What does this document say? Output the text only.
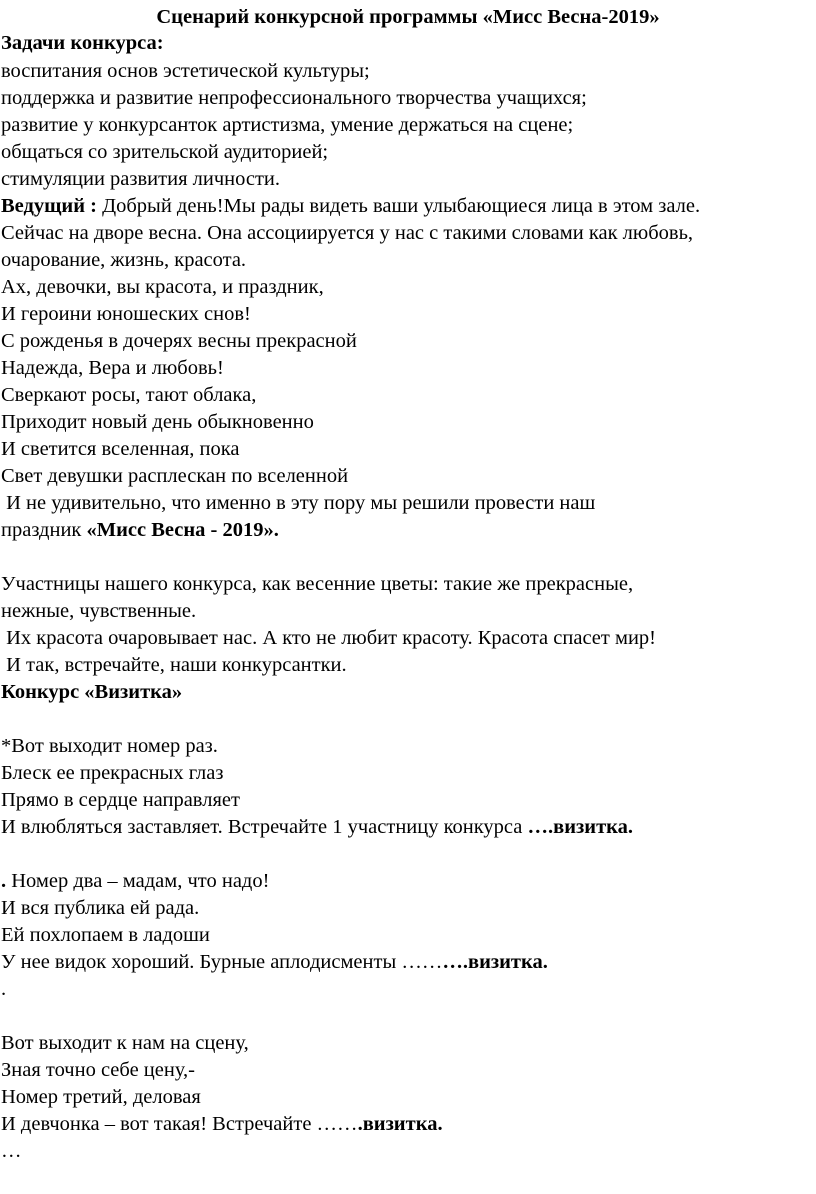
Сценарий конкурсной программы «Мисс Весна-2019»
Задачи конкурса:
воспитания основ эстетической культуры;
поддержка и развитие непрофессионального творчества учащихся;
развитие у конкурсанток артистизма, умение держаться на сцене;
общаться со зрительской аудиторией;
стимуляции развития личности.
Ведущий : Добрый день!Мы рады видеть ваши улыбающиеся лица в этом зале.
Сейчас на дворе весна. Она ассоциируется у нас с такими словами как любовь,
очарование, жизнь, красота.
Ах, девочки, вы красота, и праздник,
И героини юношеских снов!
С рожденья в дочерях весны прекрасной
Надежда, Вера и любовь!
Сверкают росы, тают облака,
Приходит новый день обыкновенно
И светится вселенная, пока
Свет девушки расплескан по вселенной
И не удивительно, что именно в эту пору мы решили провести наш
праздник «Мисс Весна - 2019».
Участницы нашего конкурса, как весенние цветы: такие же прекрасные,
нежные, чувственные.
Их красота очаровывает нас. А кто не любит красоту. Красота спасет мир!
И так, встречайте, наши конкурсантки.
Конкурс «Визитка»
*Вот выходит номер раз.
Блеск ее прекрасных глаз
Прямо в сердце направляет
И влюбляться заставляет. Встречайте 1 участницу конкурса ….визитка.
. Номер два – мадам, что надо!
И вся публика ей рада.
Ей похлопаем в ладоши
У нее видок хороший. Бурные аплодисменты ……….визитка.
.
Вот выходит к нам на сцену,
Зная точно себе цену,-
Номер третий, деловая
И девчонка – вот такая! Встречайте …….визитка.
…
